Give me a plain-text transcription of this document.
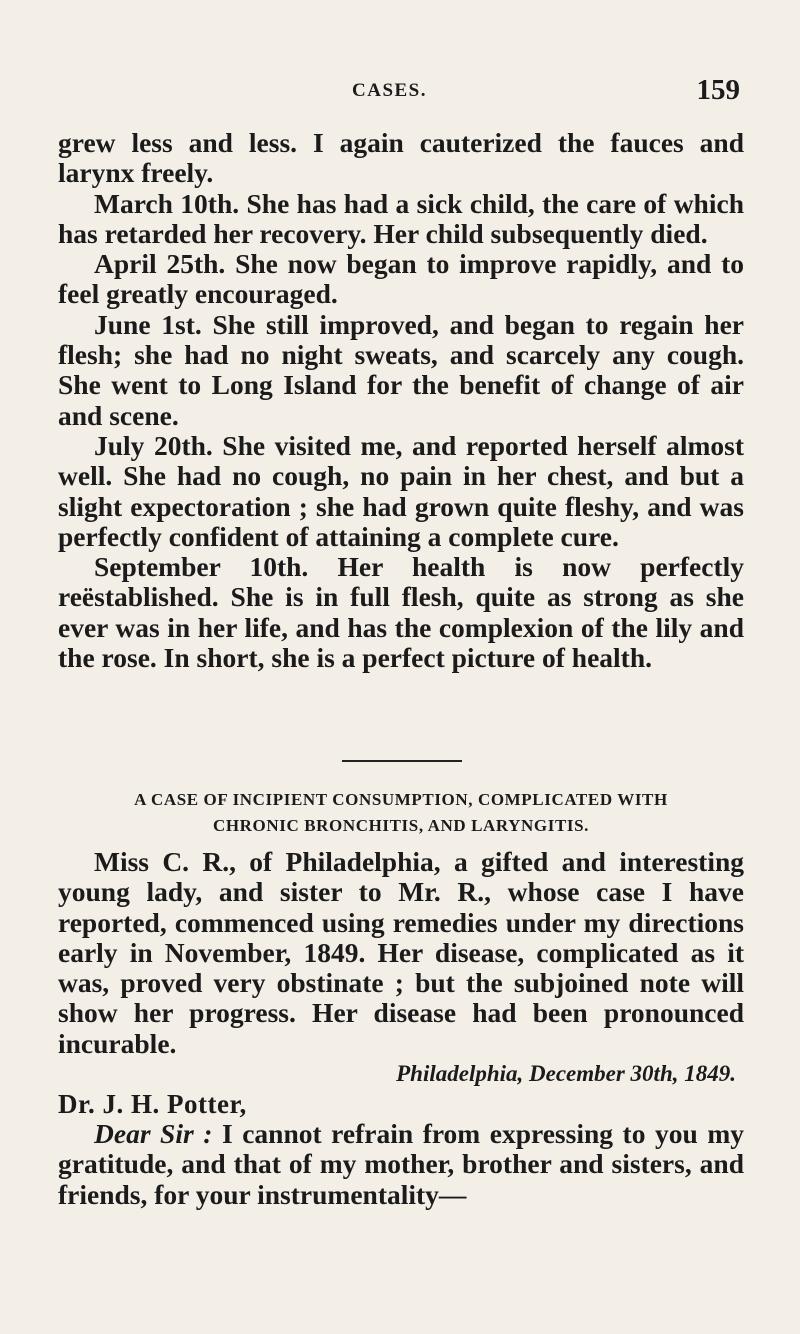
CASES.	159

grew less and less. I again cauterized the fauces and larynx freely.

March 10th. She has had a sick child, the care of which has retarded her recovery. Her child subsequently died.

April 25th. She now began to improve rapidly, and to feel greatly encouraged.

June 1st. She still improved, and began to regain her flesh; she had no night sweats, and scarcely any cough. She went to Long Island for the benefit of change of air and scene.

July 20th. She visited me, and reported herself almost well. She had no cough, no pain in her chest, and but a slight expectoration ; she had grown quite fleshy, and was perfectly confident of attaining a complete cure.

September 10th. Her health is now perfectly reëstablished. She is in full flesh, quite as strong as she ever was in her life, and has the complexion of the lily and the rose. In short, she is a perfect picture of health.

A CASE OF INCIPIENT CONSUMPTION, COMPLICATED WITH
CHRONIC BRONCHITIS, AND LARYNGITIS.

Miss C. R., of Philadelphia, a gifted and interesting young lady, and sister to Mr. R., whose case I have reported, commenced using remedies under my directions early in November, 1849. Her disease, complicated as it was, proved very obstinate ; but the subjoined note will show her progress. Her disease had been pronounced incurable.

Philadelphia, December 30th, 1849.

Dr. J. H. Potter,

Dear Sir : I cannot refrain from expressing to you my gratitude, and that of my mother, brother and sisters, and friends, for your instrumentality—
